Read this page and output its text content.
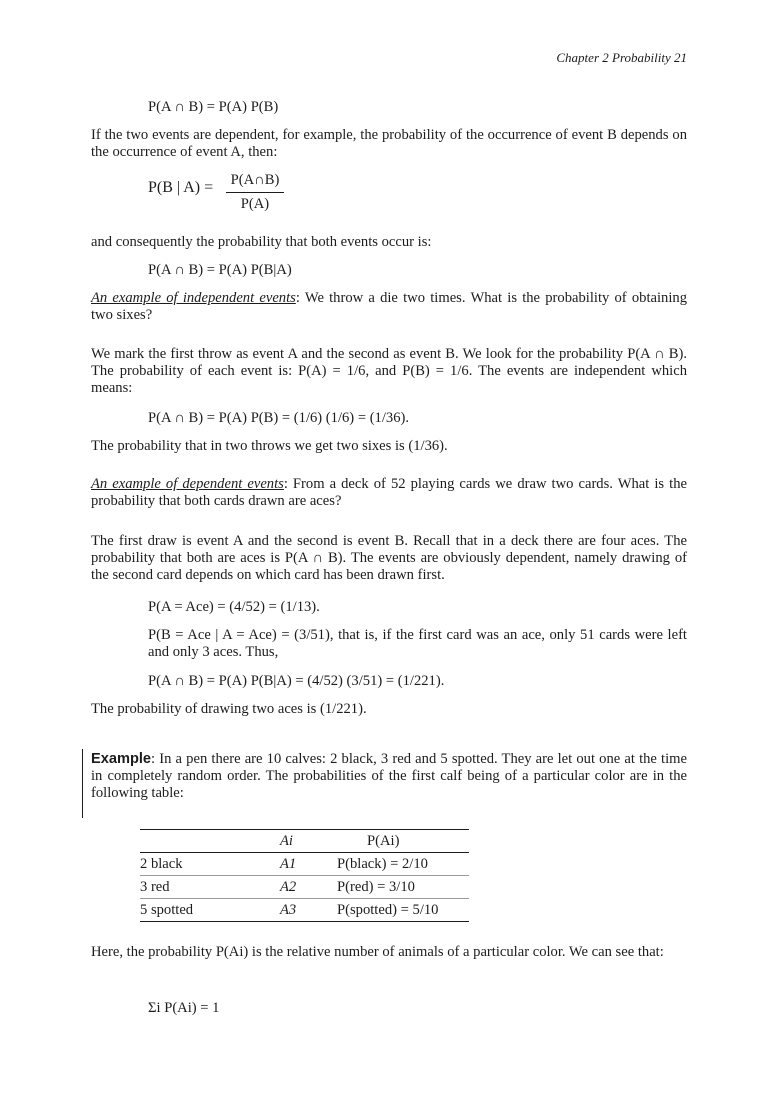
Chapter 2 Probability 21
P(A ∩ B) = P(A) P(B)
If the two events are dependent, for example, the probability of the occurrence of event B depends on the occurrence of event A, then:
P(B | $A) = \frac{P(A\cap B)}{P(A)}$
and consequently the probability that both events occur is:
P(A ∩ B) = P(A) P(B|A)
An example of independent events: We throw a die two times. What is the probability of obtaining two sixes?
We mark the first throw as event A and the second as event B. We look for the probability P(A ∩ B). The probability of each event is: P(A) = 1/6, and P(B) = 1/6. The events are independent which means:
P(A ∩ B) = P(A) P(B) = (1/6) (1/6) = (1/36).
The probability that in two throws we get two sixes is (1/36).
An example of dependent events: From a deck of 52 playing cards we draw two cards. What is the probability that both cards drawn are aces?
The first draw is event A and the second is event B. Recall that in a deck there are four aces. The probability that both are aces is P(A ∩ B). The events are obviously dependent, namely drawing of the second card depends on which card has been drawn first.
P(A = Ace) = (4/52) = (1/13).
P(B = Ace | A = Ace) = (3/51), that is, if the first card was an ace, only 51 cards were left and only 3 aces. Thus,
P(A ∩ B) = P(A) P(B|A) = (4/52) (3/51) = (1/221).
The probability of drawing two aces is (1/221).
Example: In a pen there are 10 calves: 2 black, 3 red and 5 spotted. They are let out one at the time in completely random order. The probabilities of the first calf being of a particular color are in the following table:
	Ai	P(Ai)
2 black	A1	P(black) = 2/10
3 red	A2	P(red) = 3/10
5 spotted	A3	P(spotted) = 5/10
Here, the probability P(Ai) is the relative number of animals of a particular color. We can see that:
Σi P(Ai) = 1
